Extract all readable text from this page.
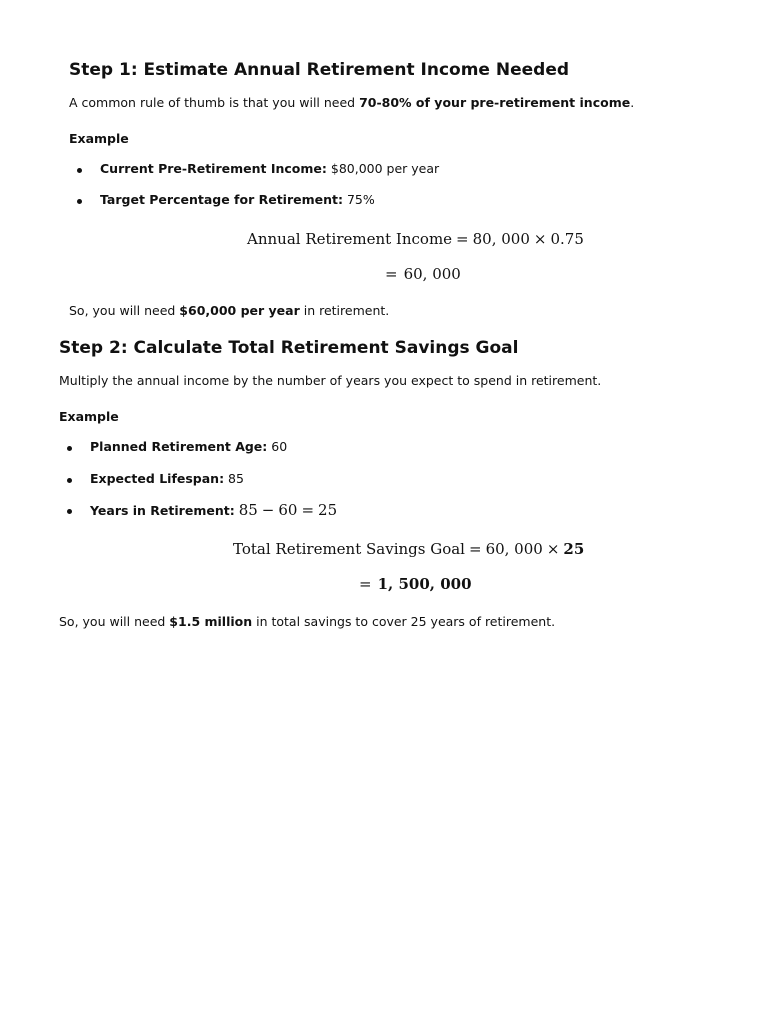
Step 1: Estimate Annual Retirement Income Needed

A common rule of thumb is that you will need 70-80% of your pre-retirement income.

Example

Current Pre-Retirement Income: $80,000 per year

Target Percentage for Retirement: 75%

Annual Retirement Income = 80, 000 × 0.75
= 60, 000

So, you will need $60,000 per year in retirement.

Step 2: Calculate Total Retirement Savings Goal

Multiply the annual income by the number of years you expect to spend in retirement.

Example

Planned Retirement Age: 60

Expected Lifespan: 85

Years in Retirement: 85 − 60 = 25

Total Retirement Savings Goal = 60, 000 × 25
= 1, 500, 000

So, you will need $1.5 million in total savings to cover 25 years of retirement.
